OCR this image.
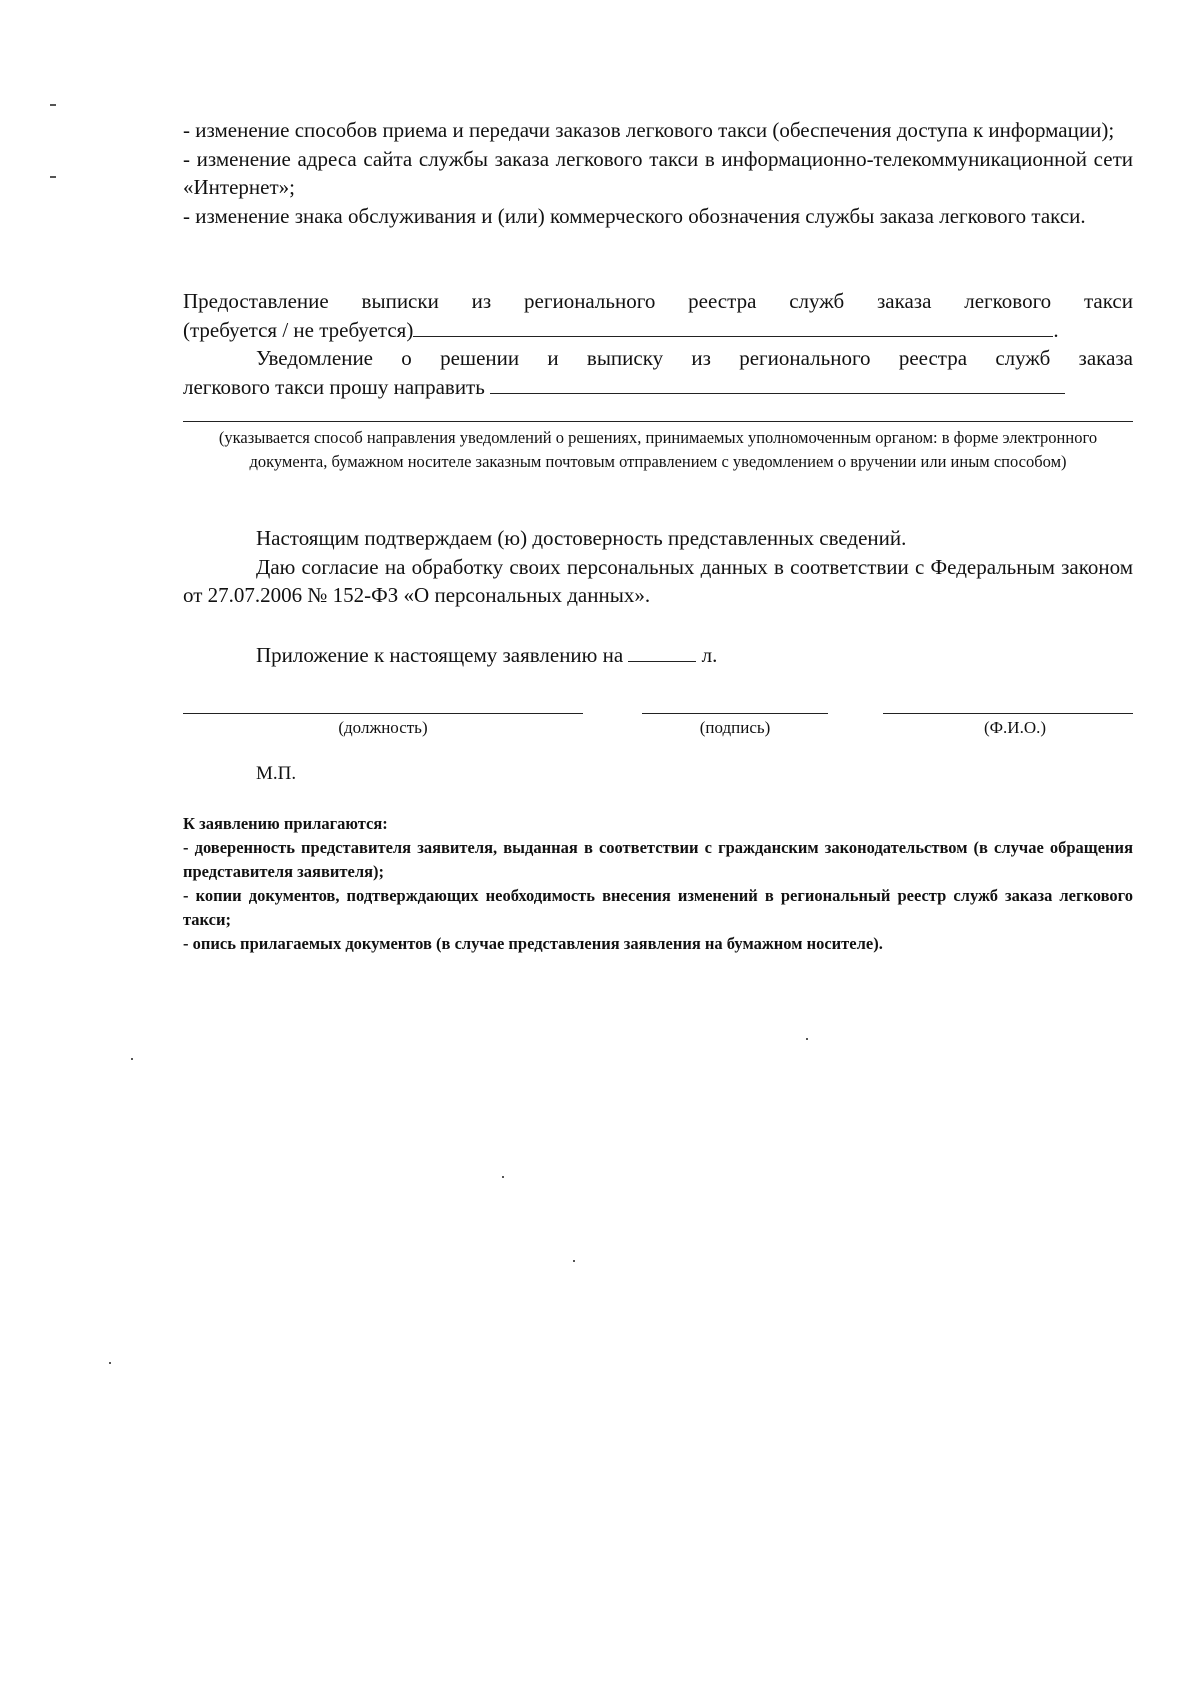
- изменение способов приема и передачи заказов легкового такси (обеспечения доступа к информации);

- изменение адреса сайта службы заказа легкового такси в информационно-телекоммуникационной сети «Интернет»;

- изменение знака обслуживания и (или) коммерческого обозначения службы заказа легкового такси.

Предоставление выписки из регионального реестра служб заказа легкового такси

(требуется / не требуется)	.

Уведомление о решении и выписку из регионального реестра служб заказа

легкового такси прошу направить

(указывается способ направления уведомлений о решениях, принимаемых уполномоченным органом: в форме электронного документа, бумажном носителе заказным почтовым отправлением с уведомлением о вручении или иным способом)

Настоящим подтверждаем (ю) достоверность представленных сведений.

Даю согласие на обработку своих персональных данных в соответствии с Федеральным законом от 27.07.2006 № 152-ФЗ «О персональных данных».

Приложение к настоящему заявлению на	л.

(должность)	(подпись)	(Ф.И.О.)
М.П.

К заявлению прилагаются:

- доверенность представителя заявителя, выданная в соответствии с гражданским законодательством (в случае обращения представителя заявителя);

- копии документов, подтверждающих необходимость внесения изменений в региональный реестр служб заказа легкового такси;

- опись прилагаемых документов (в случае представления заявления на бумажном носителе).
